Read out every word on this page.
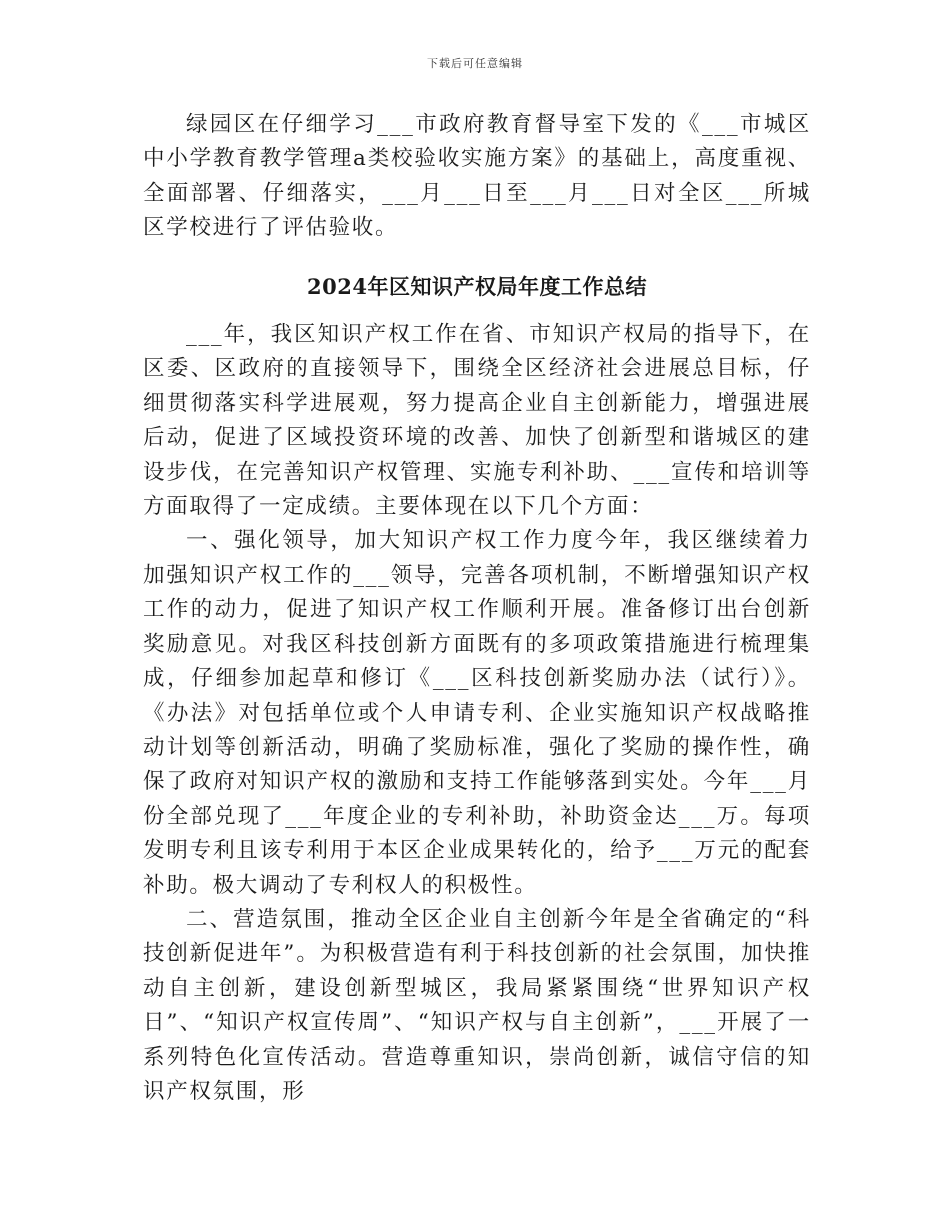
下载后可任意编辑

绿园区在仔细学习___市政府教育督导室下发的《___市城区中小学教育教学管理a类校验收实施方案》的基础上，高度重视、全面部署、仔细落实，___月___日至___月___日对全区___所城区学校进行了评估验收。

2024年区知识产权局年度工作总结

___年，我区知识产权工作在省、市知识产权局的指导下，在区委、区政府的直接领导下，围绕全区经济社会进展总目标，仔细贯彻落实科学进展观，努力提高企业自主创新能力，增强进展后动，促进了区域投资环境的改善、加快了创新型和谐城区的建设步伐，在完善知识产权管理、实施专利补助、___宣传和培训等方面取得了一定成绩。主要体现在以下几个方面：

一、强化领导，加大知识产权工作力度今年，我区继续着力加强知识产权工作的___领导，完善各项机制，不断增强知识产权工作的动力，促进了知识产权工作顺利开展。准备修订出台创新奖励意见。对我区科技创新方面既有的多项政策措施进行梳理集成，仔细参加起草和修订《___区科技创新奖励办法（试行）》。《办法》对包括单位或个人申请专利、企业实施知识产权战略推动计划等创新活动，明确了奖励标准，强化了奖励的操作性，确保了政府对知识产权的激励和支持工作能够落到实处。今年___月份全部兑现了___年度企业的专利补助，补助资金达___万。每项发明专利且该专利用于本区企业成果转化的，给予___万元的配套补助。极大调动了专利权人的积极性。

二、营造氛围，推动全区企业自主创新今年是全省确定的“科技创新促进年”。为积极营造有利于科技创新的社会氛围，加快推动自主创新，建设创新型城区，我局紧紧围绕“世界知识产权日”、“知识产权宣传周”、“知识产权与自主创新”，___开展了一系列特色化宣传活动。营造尊重知识，崇尚创新，诚信守信的知识产权氛围，形
